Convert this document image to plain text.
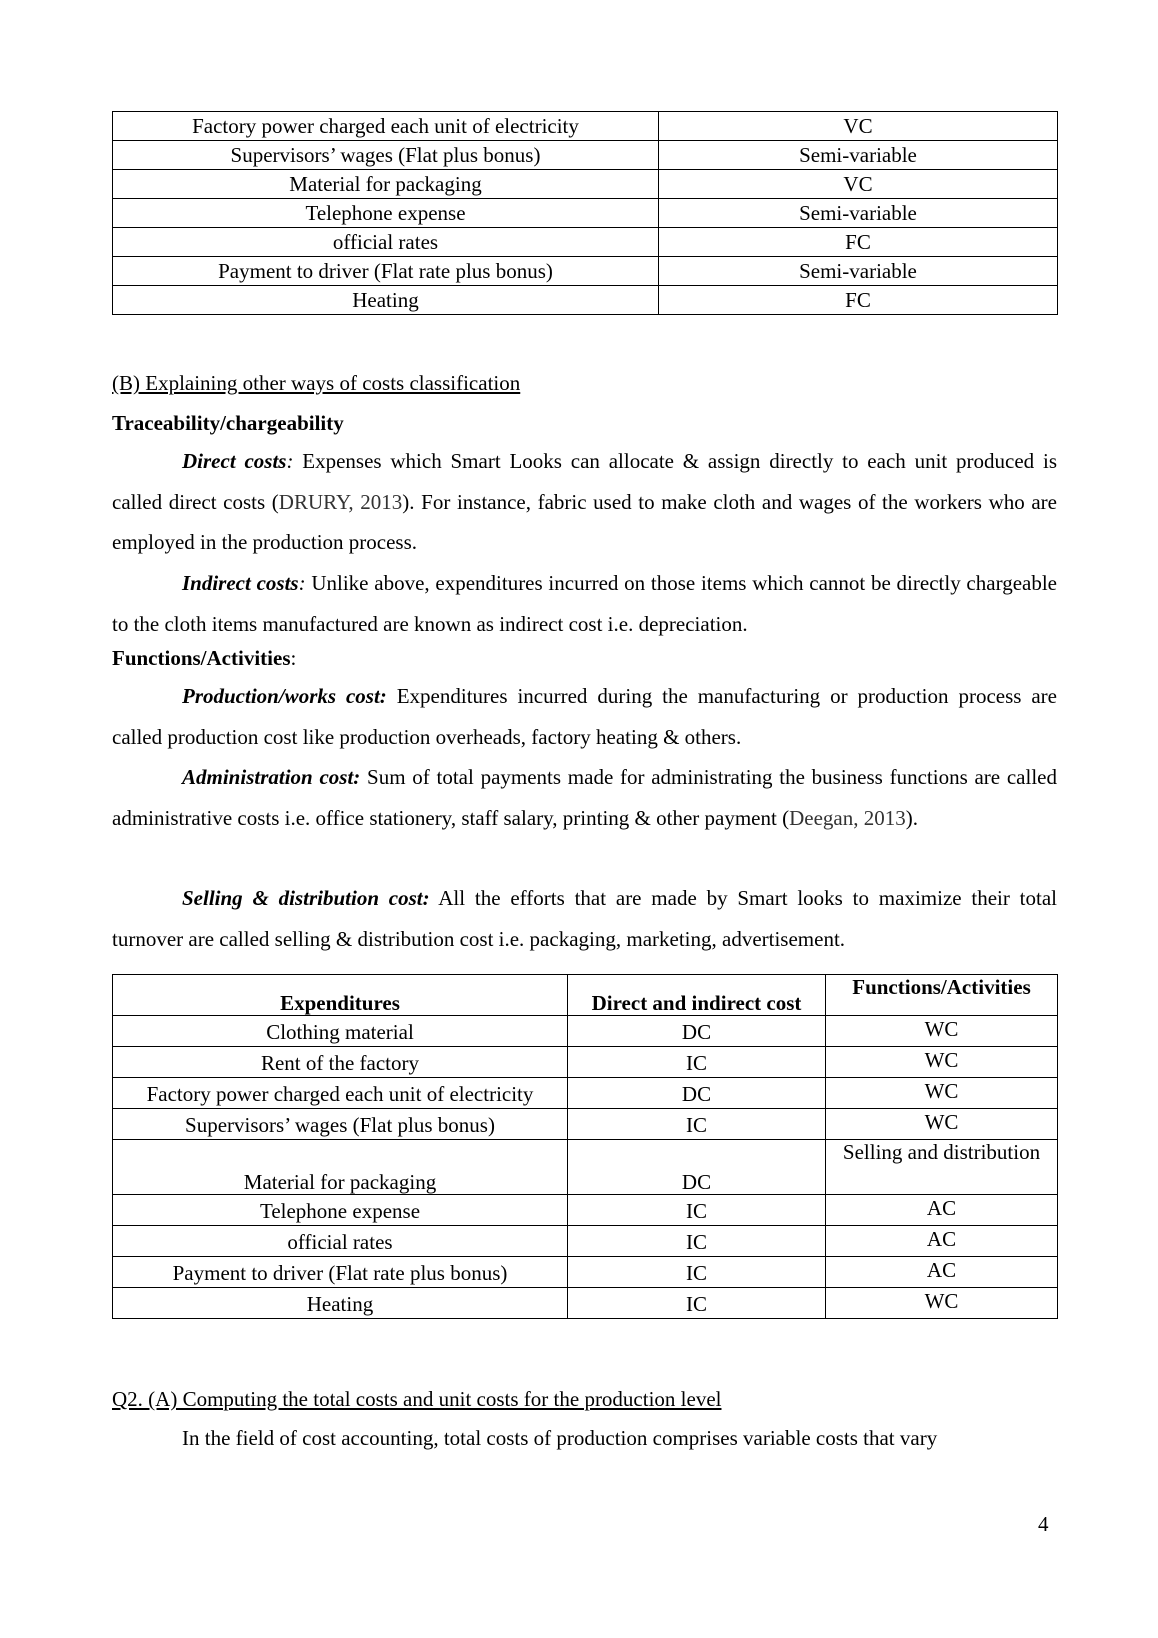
Factory power charged each unit of electricity	VC
Supervisors’ wages (Flat plus bonus)	Semi-variable
Material for packaging	VC
Telephone expense	Semi-variable
official rates	FC
Payment to driver (Flat rate plus bonus)	Semi-variable
Heating	FC
(B) Explaining other ways of costs classification
Traceability/chargeability
Direct costs: Expenses which Smart Looks can allocate & assign directly to each unit produced is called direct costs (DRURY, 2013). For instance, fabric used to make cloth and wages of the workers who are employed in the production process.
Indirect costs: Unlike above, expenditures incurred on those items which cannot be directly chargeable to the cloth items manufactured are known as indirect cost i.e. depreciation.
Functions/Activities:
Production/works cost: Expenditures incurred during the manufacturing or production process are called production cost like production overheads, factory heating & others.
Administration cost: Sum of total payments made for administrating the business functions are called administrative costs i.e. office stationery, staff salary, printing & other payment (Deegan, 2013).
Selling & distribution cost: All the efforts that are made by Smart looks to maximize their total turnover are called selling & distribution cost i.e. packaging, marketing, advertisement.
Expenditures	Direct and indirect cost	Functions/Activities
Clothing material	DC	WC
Rent of the factory	IC	WC
Factory power charged each unit of electricity	DC	WC
Supervisors’ wages (Flat plus bonus)	IC	WC
Material for packaging	DC	Selling and distribution
Telephone expense	IC	AC
official rates	IC	AC
Payment to driver (Flat rate plus bonus)	IC	AC
Heating	IC	WC
Q2. (A) Computing the total costs and unit costs for the production level
In the field of cost accounting, total costs of production comprises variable costs that vary
4
